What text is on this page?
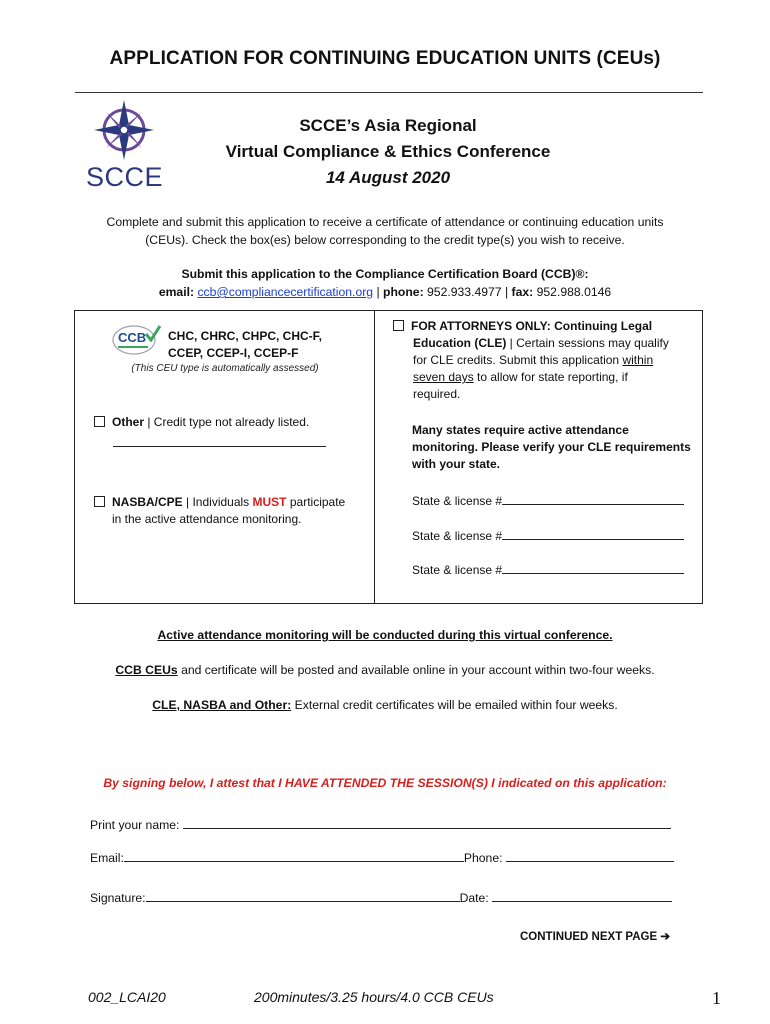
APPLICATION FOR CONTINUING EDUCATION UNITS (CEUs)
SCCE
SCCE’s Asia Regional
Virtual Compliance & Ethics Conference
14 August 2020
Complete and submit this application to receive a certificate of attendance or continuing education units
(CEUs). Check the box(es) below corresponding to the credit type(s) you wish to receive.
Submit this application to the Compliance Certification Board (CCB)®:
email: ccb@compliancecertification.org | phone: 952.933.4977 | fax: 952.988.0146
CCB CHC, CHRC, CHPC, CHC-F,
CCEP, CCEP-I, CCEP-F
(This CEU type is automatically assessed)
Other | Credit type not already listed.
NASBA/CPE | Individuals MUST participate
in the active attendance monitoring.
FOR ATTORNEYS ONLY: Continuing Legal
Education (CLE) | Certain sessions may qualify
for CLE credits. Submit this application within
seven days to allow for state reporting, if
required.
Many states require active attendance
monitoring. Please verify your CLE requirements
with your state.
State & license #
State & license #
State & license #
Active attendance monitoring will be conducted during this virtual conference.
CCB CEUs and certificate will be posted and available online in your account within two-four weeks.
CLE, NASBA and Other: External credit certificates will be emailed within four weeks.
By signing below, I attest that I HAVE ATTENDED THE SESSION(S) I indicated on this application:
Print your name:
Email:	Phone:
Signature:	Date:
CONTINUED NEXT PAGE ➔
002_LCAI20	200minutes/3.25 hours/4.0 CCB CEUs	1
